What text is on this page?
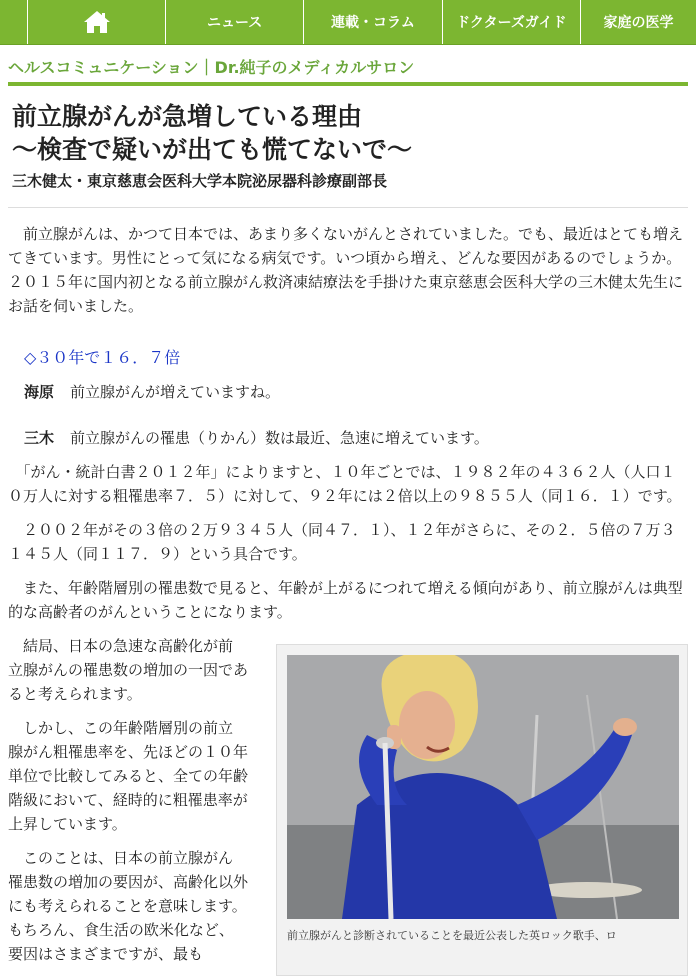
ニュース	連載・コラム	ドクターズガイド	家庭の医学
ヘルスコミュニケーション｜Dr.純子のメディカルサロン
前立腺がんが急増している理由
〜検査で疑いが出ても慌てないで〜
三木健太・東京慈恵会医科大学本院泌尿器科診療副部長

　前立腺がんは、かつて日本では、あまり多くないがんとされていました。でも、最近はとても増えてきています。男性にとって気になる病気です。いつ頃から増え、どんな要因があるのでしょうか。２０１５年に国内初となる前立腺がん救済凍結療法を手掛けた東京慈恵会医科大学の三木健太先生にお話を伺いました。

◇３０年で１６．７倍

海原 前立腺がんが増えていますね。

三木 前立腺がんの罹患（りかん）数は最近、急速に増えています。

　「がん・統計白書２０１２年」によりますと、１０年ごとでは、１９８２年の４３６２人（人口１０万人に対する粗罹患率７．５）に対して、９２年には２倍以上の９８５５人（同１６．１）です。

　２００２年がその３倍の２万９３４５人（同４７．１）、１２年がさらに、その２．５倍の７万３１４５人（同１１７．９）という具合です。

　また、年齢階層別の罹患数で見ると、年齢が上がるにつれて増える傾向があり、前立腺がんは典型的な高齢者のがんということになります。

　結局、日本の急速な高齢化が前立腺がんの罹患数の増加の一因であると考えられます。

　しかし、この年齢階層別の前立腺がん粗罹患率を、先ほどの１０年単位で比較してみると、全ての年齢階級において、経時的に粗罹患率が上昇しています。

　このことは、日本の前立腺がん罹患数の増加の要因が、高齢化以外にも考えられることを意味します。もちろん、食生活の欧米化など、要因はさまざまですが、最も

前立腺がんと診断されていることを最近公表した英ロック歌手、ロ
